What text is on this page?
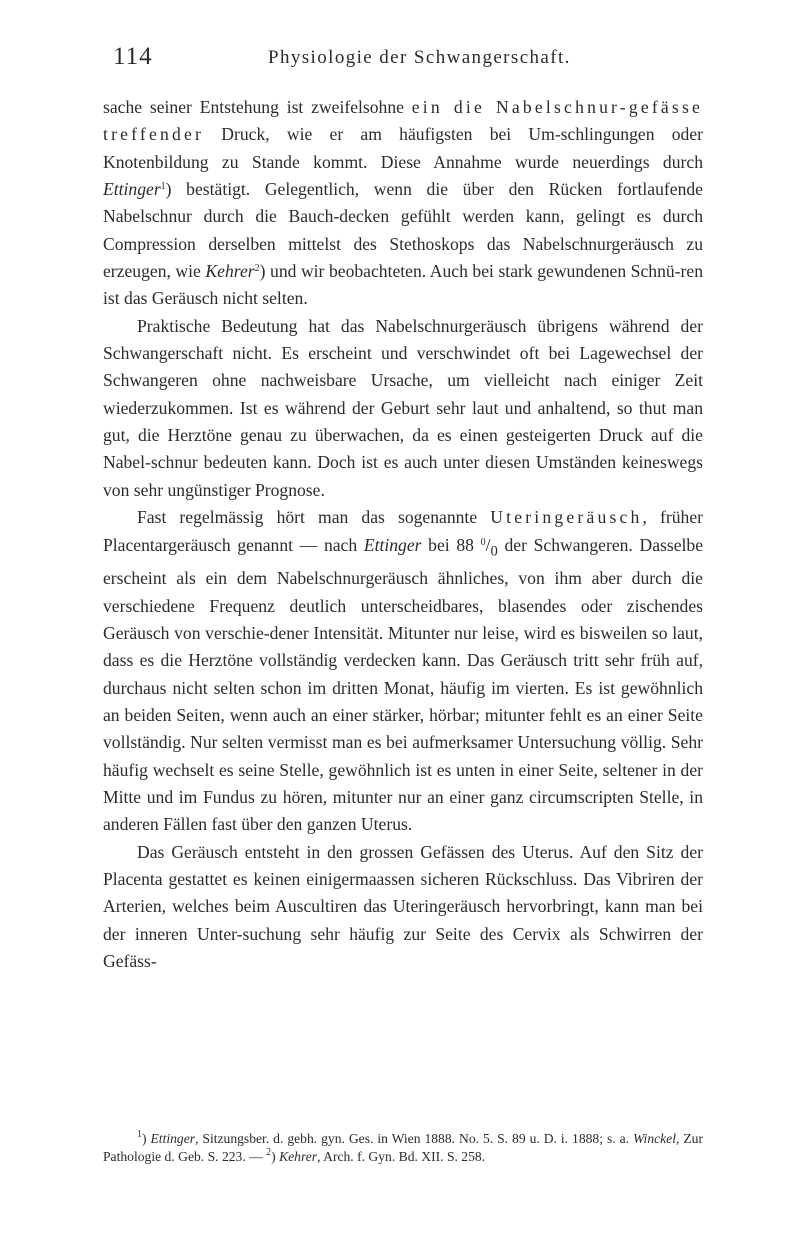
114	Physiologie der Schwangerschaft.

sache seiner Entstehung ist zweifelsohne ein die Nabelschnur-gefässe treffender Druck, wie er am häufigsten bei Um-schlingungen oder Knotenbildung zu Stande kommt. Diese Annahme wurde neuerdings durch Ettinger$^1$) bestätigt. Gelegentlich, wenn die über den Rücken fortlaufende Nabelschnur durch die Bauch-decken gefühlt werden kann, gelingt es durch Compression derselben mittelst des Stethoskops das Nabelschnurgeräusch zu erzeugen, wie Kehrer$^2$) und wir beobachteten. Auch bei stark gewundenen Schnü-ren ist das Geräusch nicht selten.

Praktische Bedeutung hat das Nabelschnurgeräusch übrigens während der Schwangerschaft nicht. Es erscheint und verschwindet oft bei Lagewechsel der Schwangeren ohne nachweisbare Ursache, um vielleicht nach einiger Zeit wiederzukommen. Ist es während der Geburt sehr laut und anhaltend, so thut man gut, die Herztöne genau zu überwachen, da es einen gesteigerten Druck auf die Nabel-schnur bedeuten kann. Doch ist es auch unter diesen Umständen keineswegs von sehr ungünstiger Prognose.

Fast regelmässig hört man das sogenannte Uteringeräusch, früher Placentargeräusch genannt — nach Ettinger bei 88 $^0/_0$ der Schwangeren. Dasselbe erscheint als ein dem Nabelschnurgeräusch ähnliches, von ihm aber durch die verschiedene Frequenz deutlich unterscheidbares, blasendes oder zischendes Geräusch von verschie-dener Intensität. Mitunter nur leise, wird es bisweilen so laut, dass es die Herztöne vollständig verdecken kann. Das Geräusch tritt sehr früh auf, durchaus nicht selten schon im dritten Monat, häufig im vierten. Es ist gewöhnlich an beiden Seiten, wenn auch an einer stärker, hörbar; mitunter fehlt es an einer Seite vollständig. Nur selten vermisst man es bei aufmerksamer Untersuchung völlig. Sehr häufig wechselt es seine Stelle, gewöhnlich ist es unten in einer Seite, seltener in der Mitte und im Fundus zu hören, mitunter nur an einer ganz circumscripten Stelle, in anderen Fällen fast über den ganzen Uterus.

Das Geräusch entsteht in den grossen Gefässen des Uterus. Auf den Sitz der Placenta gestattet es keinen einigermaassen sicheren Rückschluss. Das Vibriren der Arterien, welches beim Auscultiren das Uteringeräusch hervorbringt, kann man bei der inneren Unter-suchung sehr häufig zur Seite des Cervix als Schwirren der Gefäss-

$^1$) Ettinger, Sitzungsber. d. gebh. gyn. Ges. in Wien 1888. No. 5. S. 89 u. D. i. 1888; s. a. Winckel, Zur Pathologie d. Geb. S. 223. — $^2$) Kehrer, Arch. f. Gyn. Bd. XII. S. 258.
